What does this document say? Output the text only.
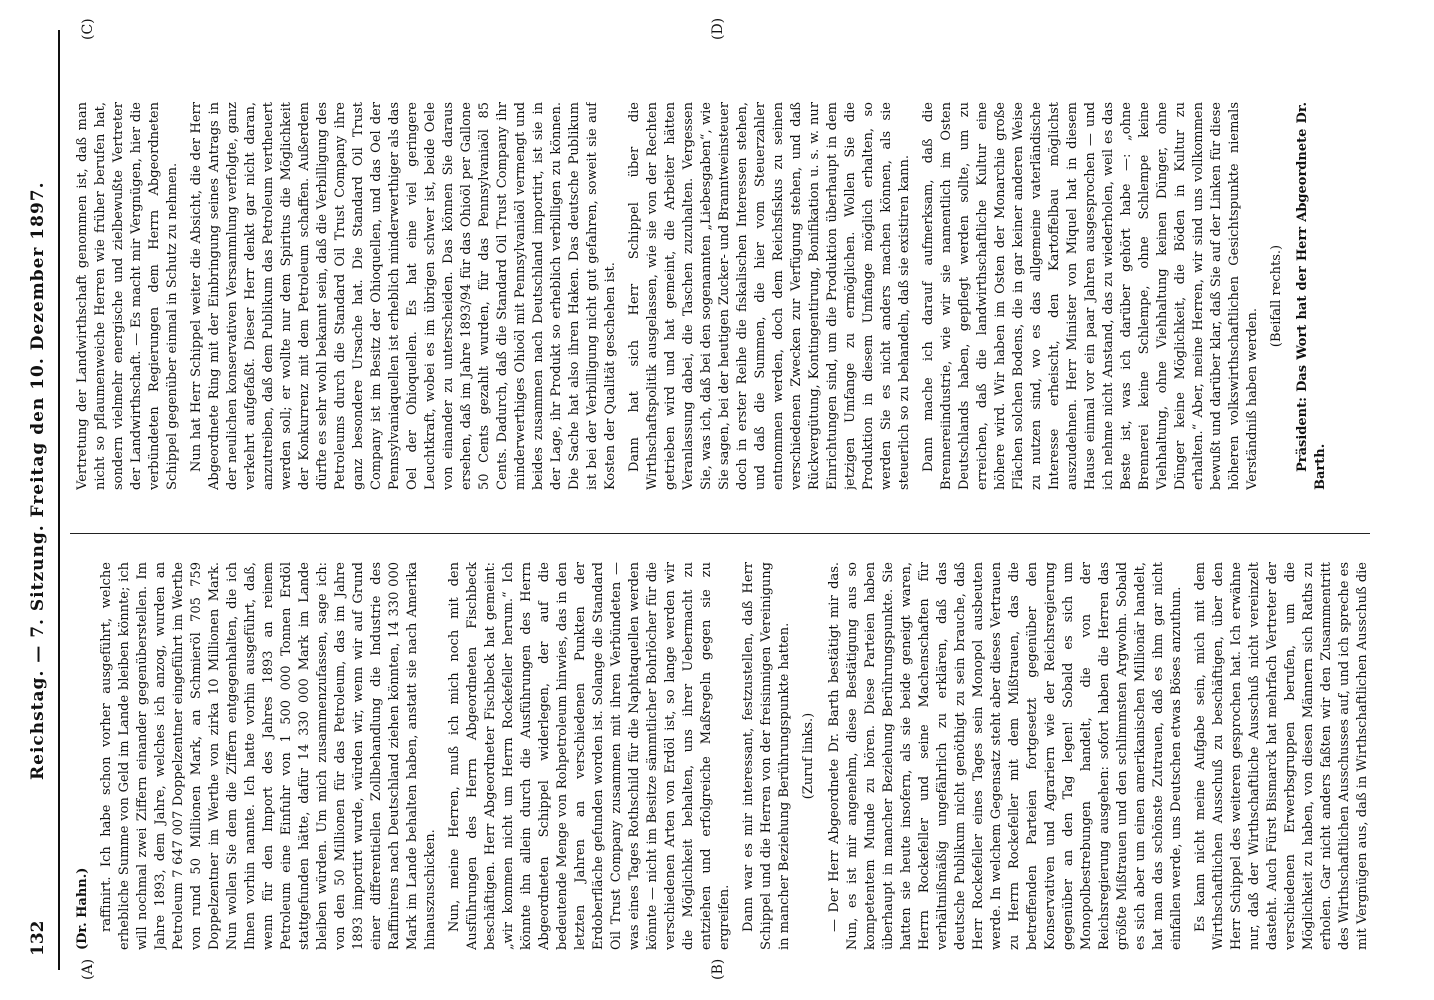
132
Reichstag. — 7. Sitzung. Freitag den 10. Dezember 1897.
(A)	(B)
(C)	(D)

(Dr. Hahn.) raffinirt. Ich habe schon vorher ausgeführt, welche erhebliche Summe von Geld im Lande bleiben könnte; ich will nochmal zwei Ziffern einander gegenüberstellen. Im Jahre 1893, dem Jahre, welches ich anzog, wurden an Petroleum 7 647 007 Doppelzentner eingeführt im Werthe von rund 50 Millionen Mark, an Schmieröl 705 759 Doppelzentner im Werthe von zirka 10 Millionen Mark. Nun wollen Sie dem die Ziffern entgegenhalten, die ich Ihnen vorhin nannte. Ich hatte vorhin ausgeführt, daß, wenn für den Import des Jahres 1893 an reinem Petroleum eine Einfuhr von 1 500 000 Tonnen Erdöl stattgefunden hätte, dafür 14 330 000 Mark im Lande bleiben würden. Um mich zusammenzufassen, sage ich: von den 50 Millionen für das Petroleum, das im Jahre 1893 importirt wurde, würden wir, wenn wir auf Grund einer differentiellen Zollbehandlung die Industrie des Raffinirens nach Deutschland ziehen könnten, 14 330 000 Mark im Lande behalten haben, anstatt sie nach Amerika hinauszuschicken. Nun, meine Herren, muß ich mich noch mit den Ausführungen des Herrn Abgeordneten Fischbeck beschäftigen. Herr Abgeordneter Fischbeck hat gemeint: „wir kommen nicht um Herrn Rockefeller herum.“ Ich könnte ihn allein durch die Ausführungen des Herrn Abgeordneten Schippel widerlegen, der auf die bedeutende Menge von Rohpetroleum hinwies, das in den letzten Jahren an verschiedenen Punkten der Erdoberfläche gefunden worden ist. Solange die Standard Oil Trust Company zusammen mit ihren Verbündeten — was eines Tages Rothschild für die Naphtaquellen werden könnte — nicht im Besitze sämmtlicher Bohrlöcher für die verschiedenen Arten von Erdöl ist, so lange werden wir die Möglichkeit behalten, uns ihrer Uebermacht zu entziehen und erfolgreiche Maßregeln gegen sie zu ergreifen. Dann war es mir interessant, festzustellen, daß Herr Schippel und die Herren von der freisinnigen Vereinigung in mancher Beziehung Berührungspunkte hatten. (Zuruf links.) — Der Herr Abgeordnete Dr. Barth bestätigt mir das. Nun, es ist mir angenehm, diese Bestätigung aus so kompetentem Munde zu hören. Diese Parteien haben überhaupt in mancher Beziehung Berührungspunkte. Sie hatten sie heute insofern, als sie beide geneigt waren, Herrn Rockefeller und seine Machenschaften für verhältnißmäßig ungefährlich zu erklären, daß das deutsche Publikum nicht genöthigt zu sein brauche, daß Herr Rockefeller eines Tages sein Monopol ausbeuten werde. In welchem Gegensatz steht aber dieses Vertrauen zu Herrn Rockefeller mit dem Mißtrauen, das die betreffenden Parteien fortgesetzt gegenüber den Konservativen und Agrariern wie der Reichsregierung gegenüber an den Tag legen! Sobald es sich um Monopolbestrebungen handelt, die von der Reichsregierung ausgehen: sofort haben die Herren das größte Mißtrauen und den schlimmsten Argwohn. Sobald es sich aber um einen amerikanischen Millionär handelt, hat man das schönste Zutrauen, daß es ihm gar nicht einfallen werde, uns Deutschen etwas Böses anzuthun. Es kann nicht meine Aufgabe sein, mich mit dem Wirthschaftlichen Ausschuß zu beschäftigen, über den Herr Schippel des weiteren gesprochen hat. Ich erwähne nur, daß der Wirthschaftliche Ausschuß nicht vereinzelt dasteht. Auch Fürst Bismarck hat mehrfach Vertreter der verschiedenen Erwerbsgruppen berufen, um die Möglichkeit zu haben, von diesen Männern sich Raths zu erholen. Gar nicht anders faßten wir den Zusammentritt des Wirthschaftlichen Ausschusses auf, und ich spreche es mit Vergnügen aus, daß in Wirthschaftlichen Ausschuß die

Vertretung der Landwirthschaft genommen ist, daß man nicht so pflaumenweiche Herren wie früher berufen hat, sondern vielmehr energische und zielbewußte Vertreter der Landwirthschaft. — Es macht mir Vergnügen, hier die verbündeten Regierungen dem Herrn Abgeordneten Schippel gegenüber einmal in Schutz zu nehmen. Nun hat Herr Schippel weiter die Absicht, die der Herr Abgeordnete Ring mit der Einbringung seines Antrags in der neulichen konservativen Versammlung verfolgte, ganz verkehrt aufgefaßt. Dieser Herr denkt gar nicht daran, anzutreiben, daß dem Publikum das Petroleum vertheuert werden soll; er wollte nur dem Spiritus die Möglichkeit der Konkurrenz mit dem Petroleum schaffen. Außerdem dürfte es sehr wohl bekannt sein, daß die Verbilligung des Petroleums durch die Standard Oil Trust Company ihre ganz besondere Ursache hat. Die Standard Oil Trust Company ist im Besitz der Ohioquellen, und das Oel der Pennsylvaniaquellen ist erheblich minderwerthiger als das Oel der Ohioquellen. Es hat eine viel geringere Leuchtkraft, wobei es im übrigen schwer ist, beide Oele von einander zu unterscheiden. Das können Sie daraus ersehen, daß im Jahre 1893/94 für das Ohioöl per Gallone 50 Cents gezahlt wurden, für das Pennsylvaniaöl 85 Cents. Dadurch, daß die Standard Oil Trust Company ihr minderwerthiges Ohioöl mit Pennsylvaniaöl vermengt und beides zusammen nach Deutschland importirt, ist sie in der Lage, ihr Produkt so erheblich verbilligen zu können. Die Sache hat also ihren Haken. Das deutsche Publikum ist bei der Verbilligung nicht gut gefahren, soweit sie auf Kosten der Qualität geschehen ist. Dann hat sich Herr Schippel über die Wirthschaftspolitik ausgelassen, wie sie von der Rechten getrieben wird und hat gemeint, die Arbeiter hätten Veranlassung dabei, die Taschen zuzuhalten. Vergessen Sie, was ich, daß bei den sogenannten „Liebesgaben“, wie Sie sagen, bei der heutigen Zucker- und Branntweinsteuer doch in erster Reihe die fiskalischen Interessen stehen, und daß die Summen, die hier vom Steuerzahler entnommen werden, doch dem Reichsfiskus zu seinen verschiedenen Zwecken zur Verfügung stehen, und daß Rückvergütung, Kontingentirung, Bonifikation u. s. w. nur Einrichtungen sind, um die Produktion überhaupt in dem jetzigen Umfange zu ermöglichen. Wollen Sie die Produktion in diesem Umfange möglich erhalten, so werden Sie es nicht anders machen können, als sie steuerlich so zu behandeln, daß sie existiren kann. Dann mache ich darauf aufmerksam, daß die Brennereiindustrie, wie wir sie namentlich im Osten Deutschlands haben, gepflegt werden sollte, um zu erreichen, daß die landwirthschaftliche Kultur eine höhere wird. Wir haben im Osten der Monarchie große Flächen solchen Bodens, die in gar keiner anderen Weise zu nutzen sind, wo es das allgemeine vaterländische Interesse erheischt, den Kartoffelbau möglichst auszudehnen. Herr Minister von Miquel hat in diesem Hause einmal vor ein paar Jahren ausgesprochen — und ich nehme nicht Anstand, das zu wiederholen, weil es das Beste ist, was ich darüber gehört habe —: „ohne Brennerei keine Schlempe, ohne Schlempe keine Viehhaltung, ohne Viehhaltung keinen Dünger, ohne Dünger keine Möglichkeit, die Böden in Kultur zu erhalten.“ Aber, meine Herren, wir sind uns vollkommen bewußt und darüber klar, daß Sie auf der Linken für diese höheren volkswirthschaftlichen Gesichtspunkte niemals Verständniß haben werden.

(Beifall rechts.) Präsident: Das Wort hat der Herr Abgeordnete Dr. Barth.
